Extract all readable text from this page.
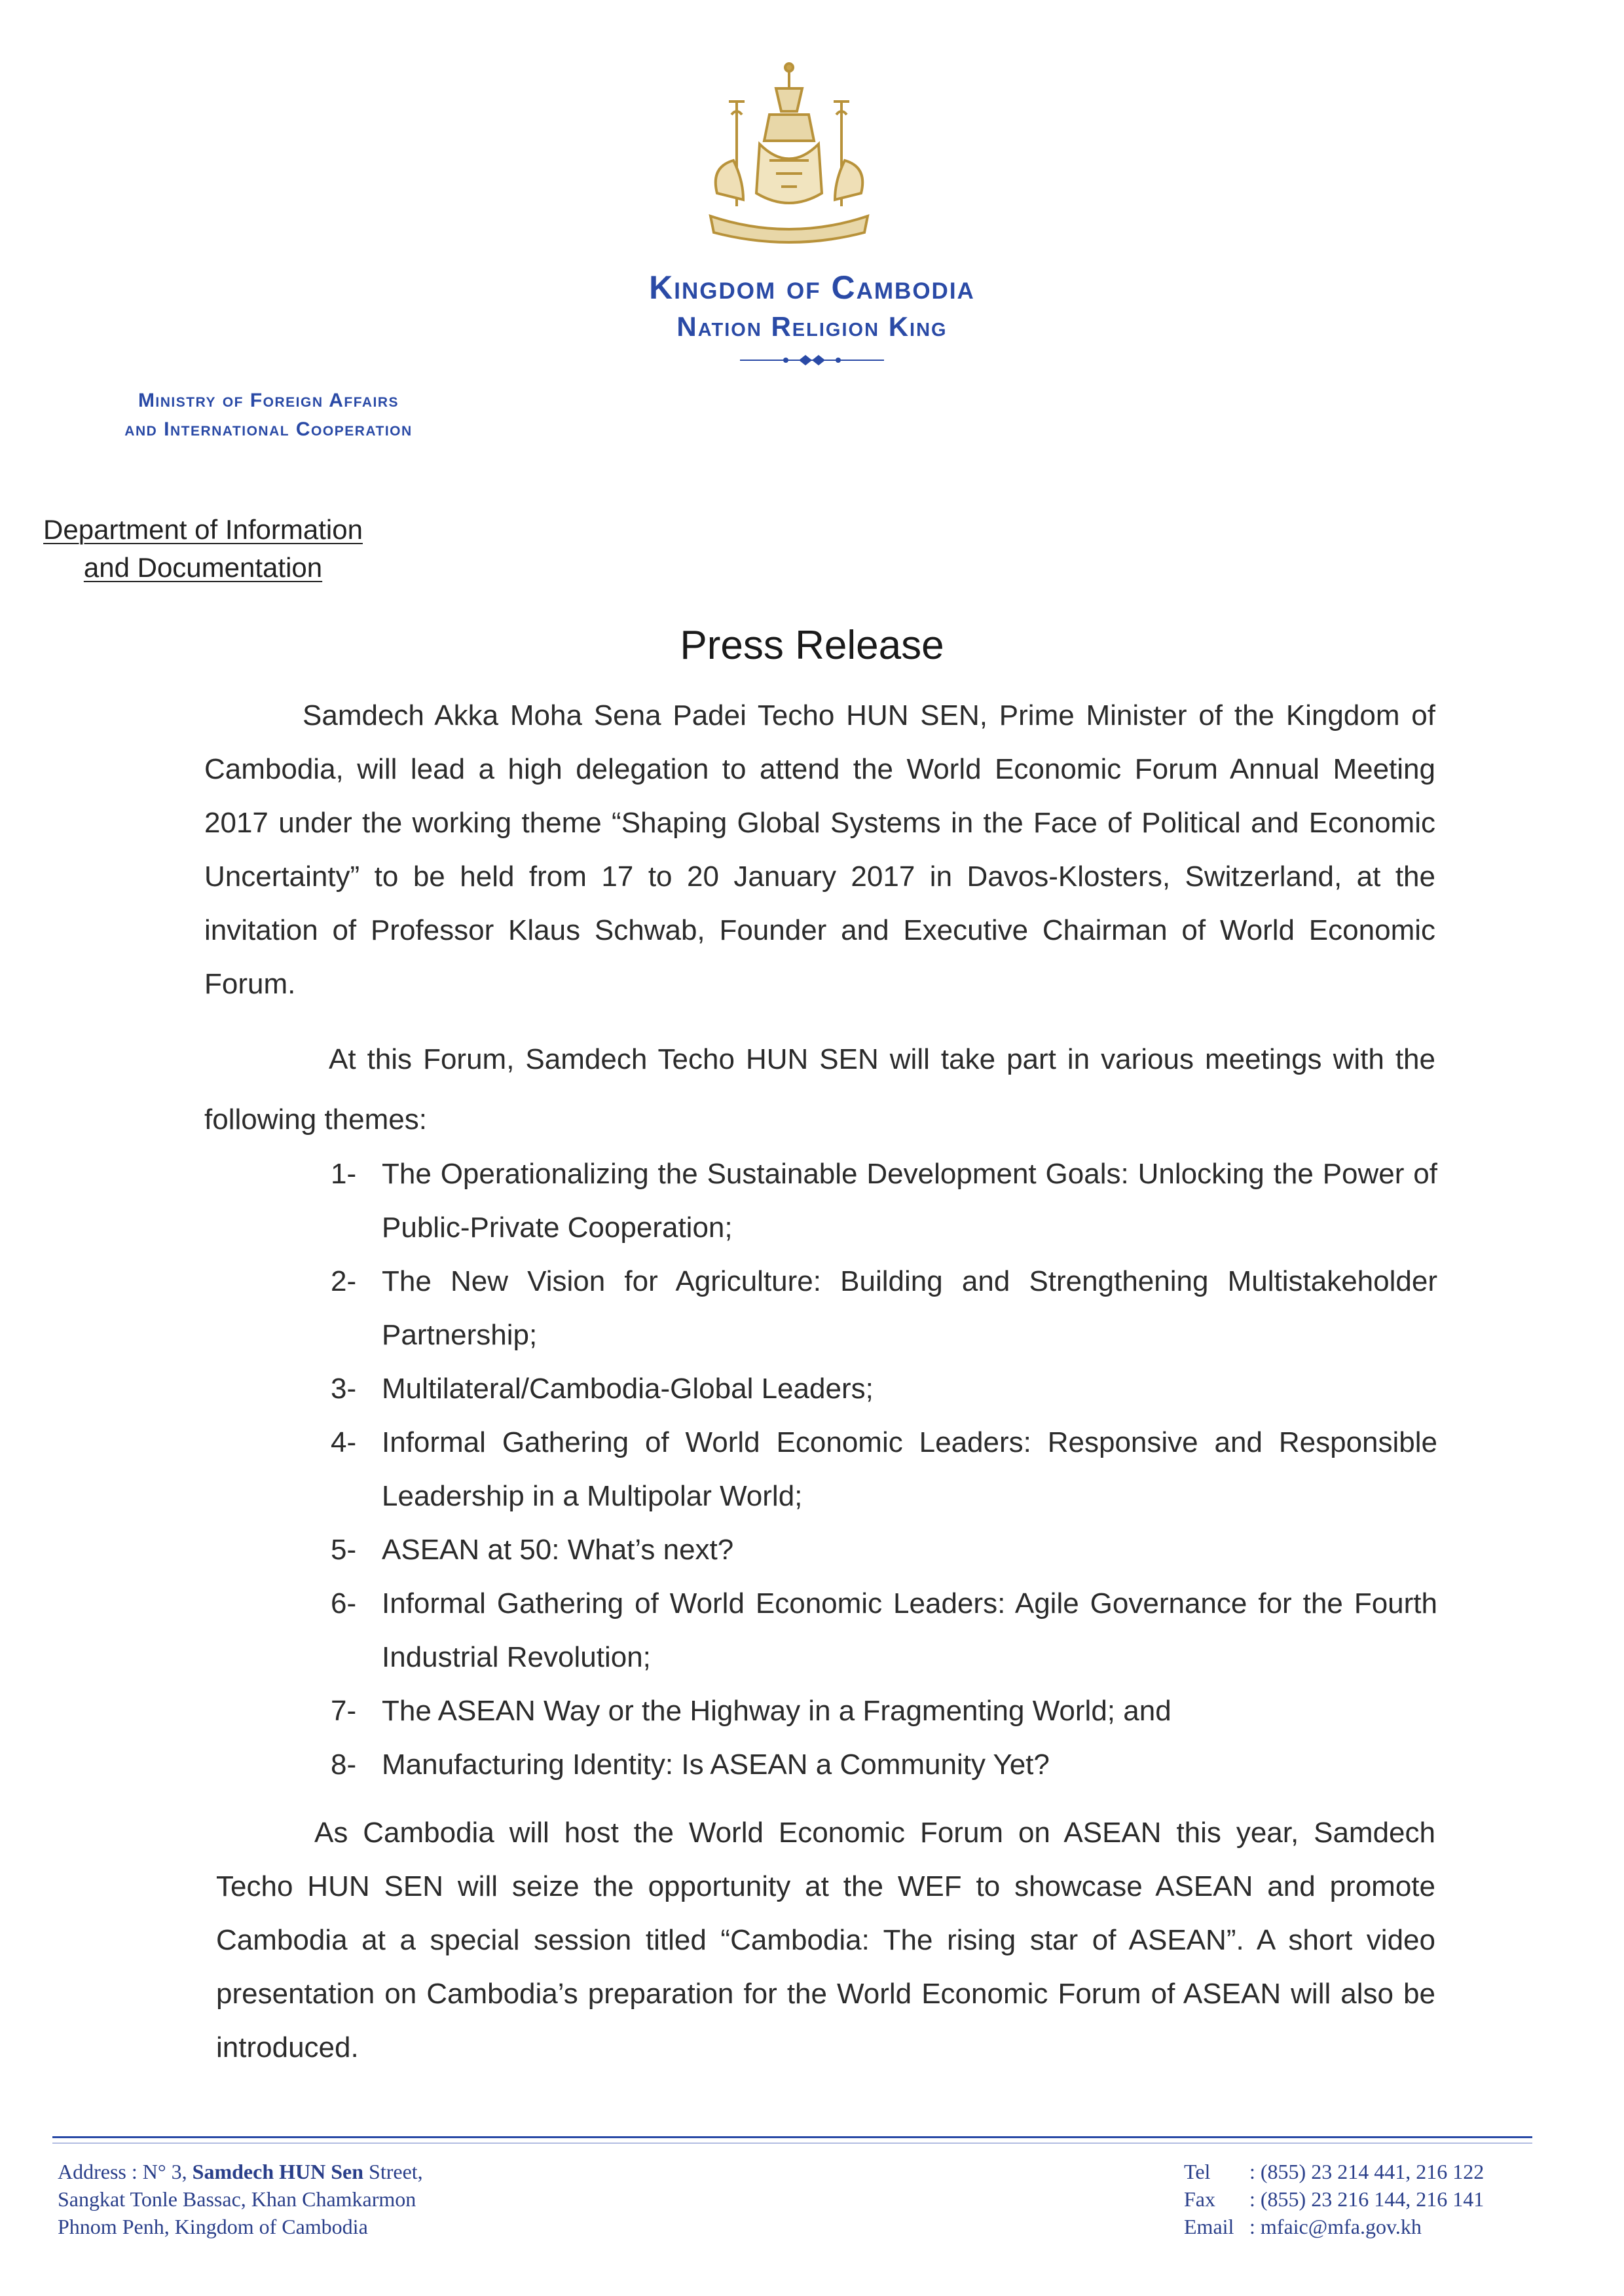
Kingdom of Cambodia
Nation Religion King
Ministry of Foreign Affairs
and International Cooperation
Department of Information
and Documentation
Press Release
Samdech Akka Moha Sena Padei Techo HUN SEN, Prime Minister of the Kingdom of Cambodia, will lead a high delegation to attend the World Economic Forum Annual Meeting 2017 under the working theme “Shaping Global Systems in the Face of Political and Economic Uncertainty” to be held from 17 to 20 January 2017 in Davos-Klosters, Switzerland, at the invitation of Professor Klaus Schwab, Founder and Executive Chairman of World Economic Forum.
At this Forum, Samdech Techo HUN SEN will take part in various meetings with the following themes:
1- The Operationalizing the Sustainable Development Goals: Unlocking the Power of Public-Private Cooperation;
2- The New Vision for Agriculture: Building and Strengthening Multistakeholder Partnership;
3- Multilateral/Cambodia-Global Leaders;
4- Informal Gathering of World Economic Leaders: Responsive and Responsible Leadership in a Multipolar World;
5- ASEAN at 50: What’s next?
6- Informal Gathering of World Economic Leaders: Agile Governance for the Fourth Industrial Revolution;
7- The ASEAN Way or the Highway in a Fragmenting World; and
8- Manufacturing Identity: Is ASEAN a Community Yet?
As Cambodia will host the World Economic Forum on ASEAN this year, Samdech Techo HUN SEN will seize the opportunity at the WEF to showcase ASEAN and promote Cambodia at a special session titled “Cambodia: The rising star of ASEAN”. A short video presentation on Cambodia’s preparation for the World Economic Forum of ASEAN will also be introduced.
Address : N° 3, Samdech HUN Sen Street,
Sangkat Tonle Bassac, Khan Chamkarmon
Phnom Penh, Kingdom of Cambodia
Tel	: (855) 23 214 441, 216 122
Fax	: (855) 23 216 144, 216 141
Email : mfaic@mfa.gov.kh
